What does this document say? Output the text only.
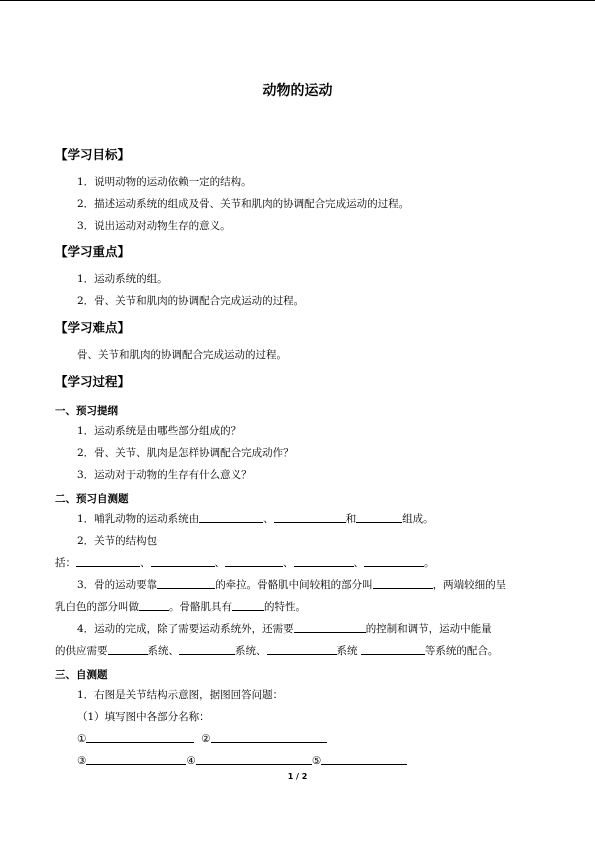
动物的运动
【学习目标】
1．说明动物的运动依赖一定的结构。
2．描述运动系统的组成及骨、关节和肌肉的协调配合完成运动的过程。
3．说出运动对动物生存的意义。
【学习重点】
1．运动系统的组。
2．骨、关节和肌肉的协调配合完成运动的过程。
【学习难点】
骨、关节和肌肉的协调配合完成运动的过程。
【学习过程】
一、预习提纲
1．运动系统是由哪些部分组成的？
2．骨、关节、肌肉是怎样协调配合完成动作？
3．运动对于动物的生存有什么意义？
二、预习自测题
1．哺乳动物的运动系统由	、	和	组成。
2．关节的结构包
括：	、	、	、	、	。
3．骨的运动要靠	的牵拉。骨骼肌中间较粗的部分叫	，两端较细的呈
乳白色的部分叫做	。骨骼肌具有	的特性。
4．运动的完成，除了需要运动系统外，还需要	的控制和调节，运动中能量
的供应需要	系统、	系统、	系统	等系统的配合。
三、自测题
1．右图是关节结构示意图，据图回答问题：
（1）填写图中各部分名称：
①	②
③	④	⑤
1 / 2
